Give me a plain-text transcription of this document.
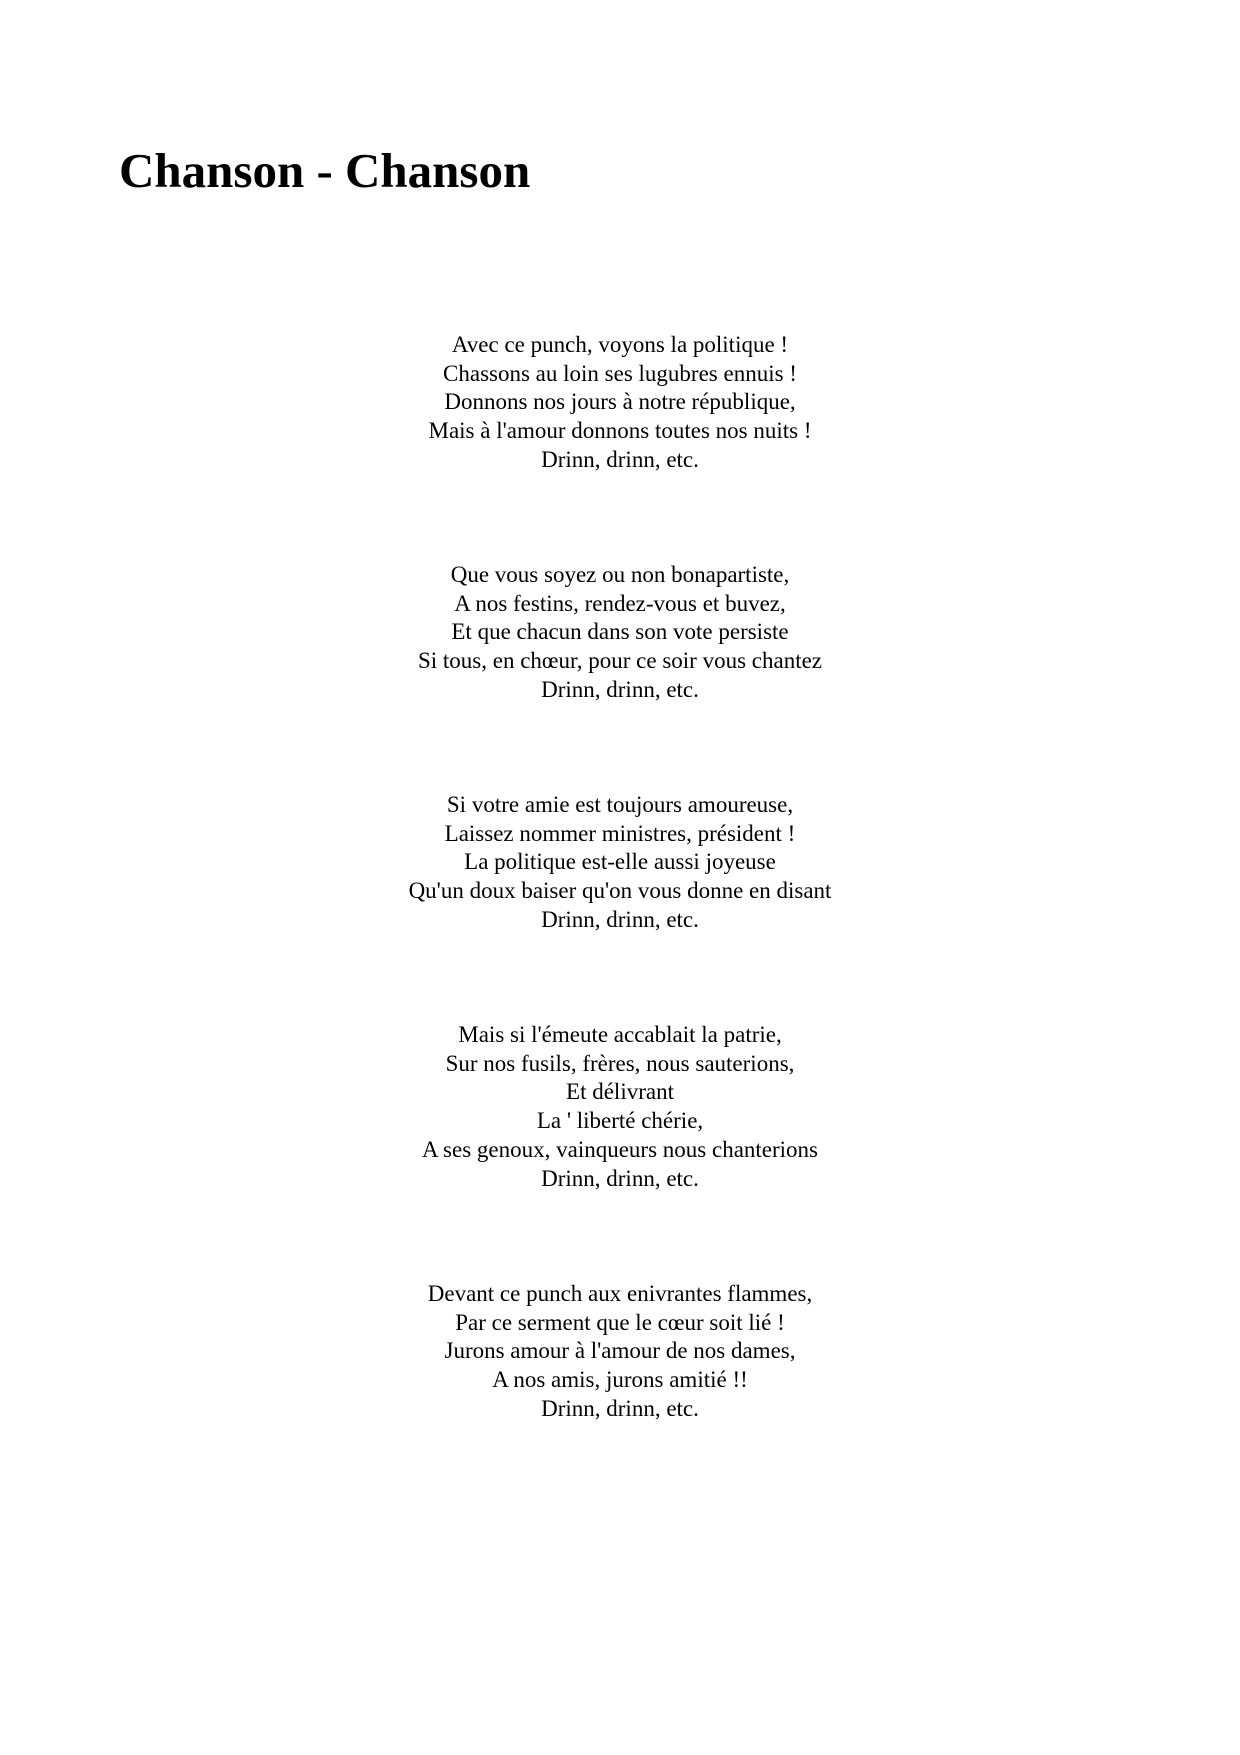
Chanson - Chanson
Avec ce punch, voyons la politique !
Chassons au loin ses lugubres ennuis !
Donnons nos jours à notre république,
Mais à l'amour donnons toutes nos nuits !
Drinn, drinn, etc.
Que vous soyez ou non bonapartiste,
A nos festins, rendez-vous et buvez,
Et que chacun dans son vote persiste
Si tous, en chœur, pour ce soir vous chantez
Drinn, drinn, etc.
Si votre amie est toujours amoureuse,
Laissez nommer ministres, président !
La politique est-elle aussi joyeuse
Qu'un doux baiser qu'on vous donne en disant
Drinn, drinn, etc.
Mais si l'émeute accablait la patrie,
Sur nos fusils, frères, nous sauterions,
Et délivrant
La ' liberté chérie,
A ses genoux, vainqueurs nous chanterions
Drinn, drinn, etc.
Devant ce punch aux enivrantes flammes,
Par ce serment que le cœur soit lié !
Jurons amour à l'amour de nos dames,
A nos amis, jurons amitié !!
Drinn, drinn, etc.
